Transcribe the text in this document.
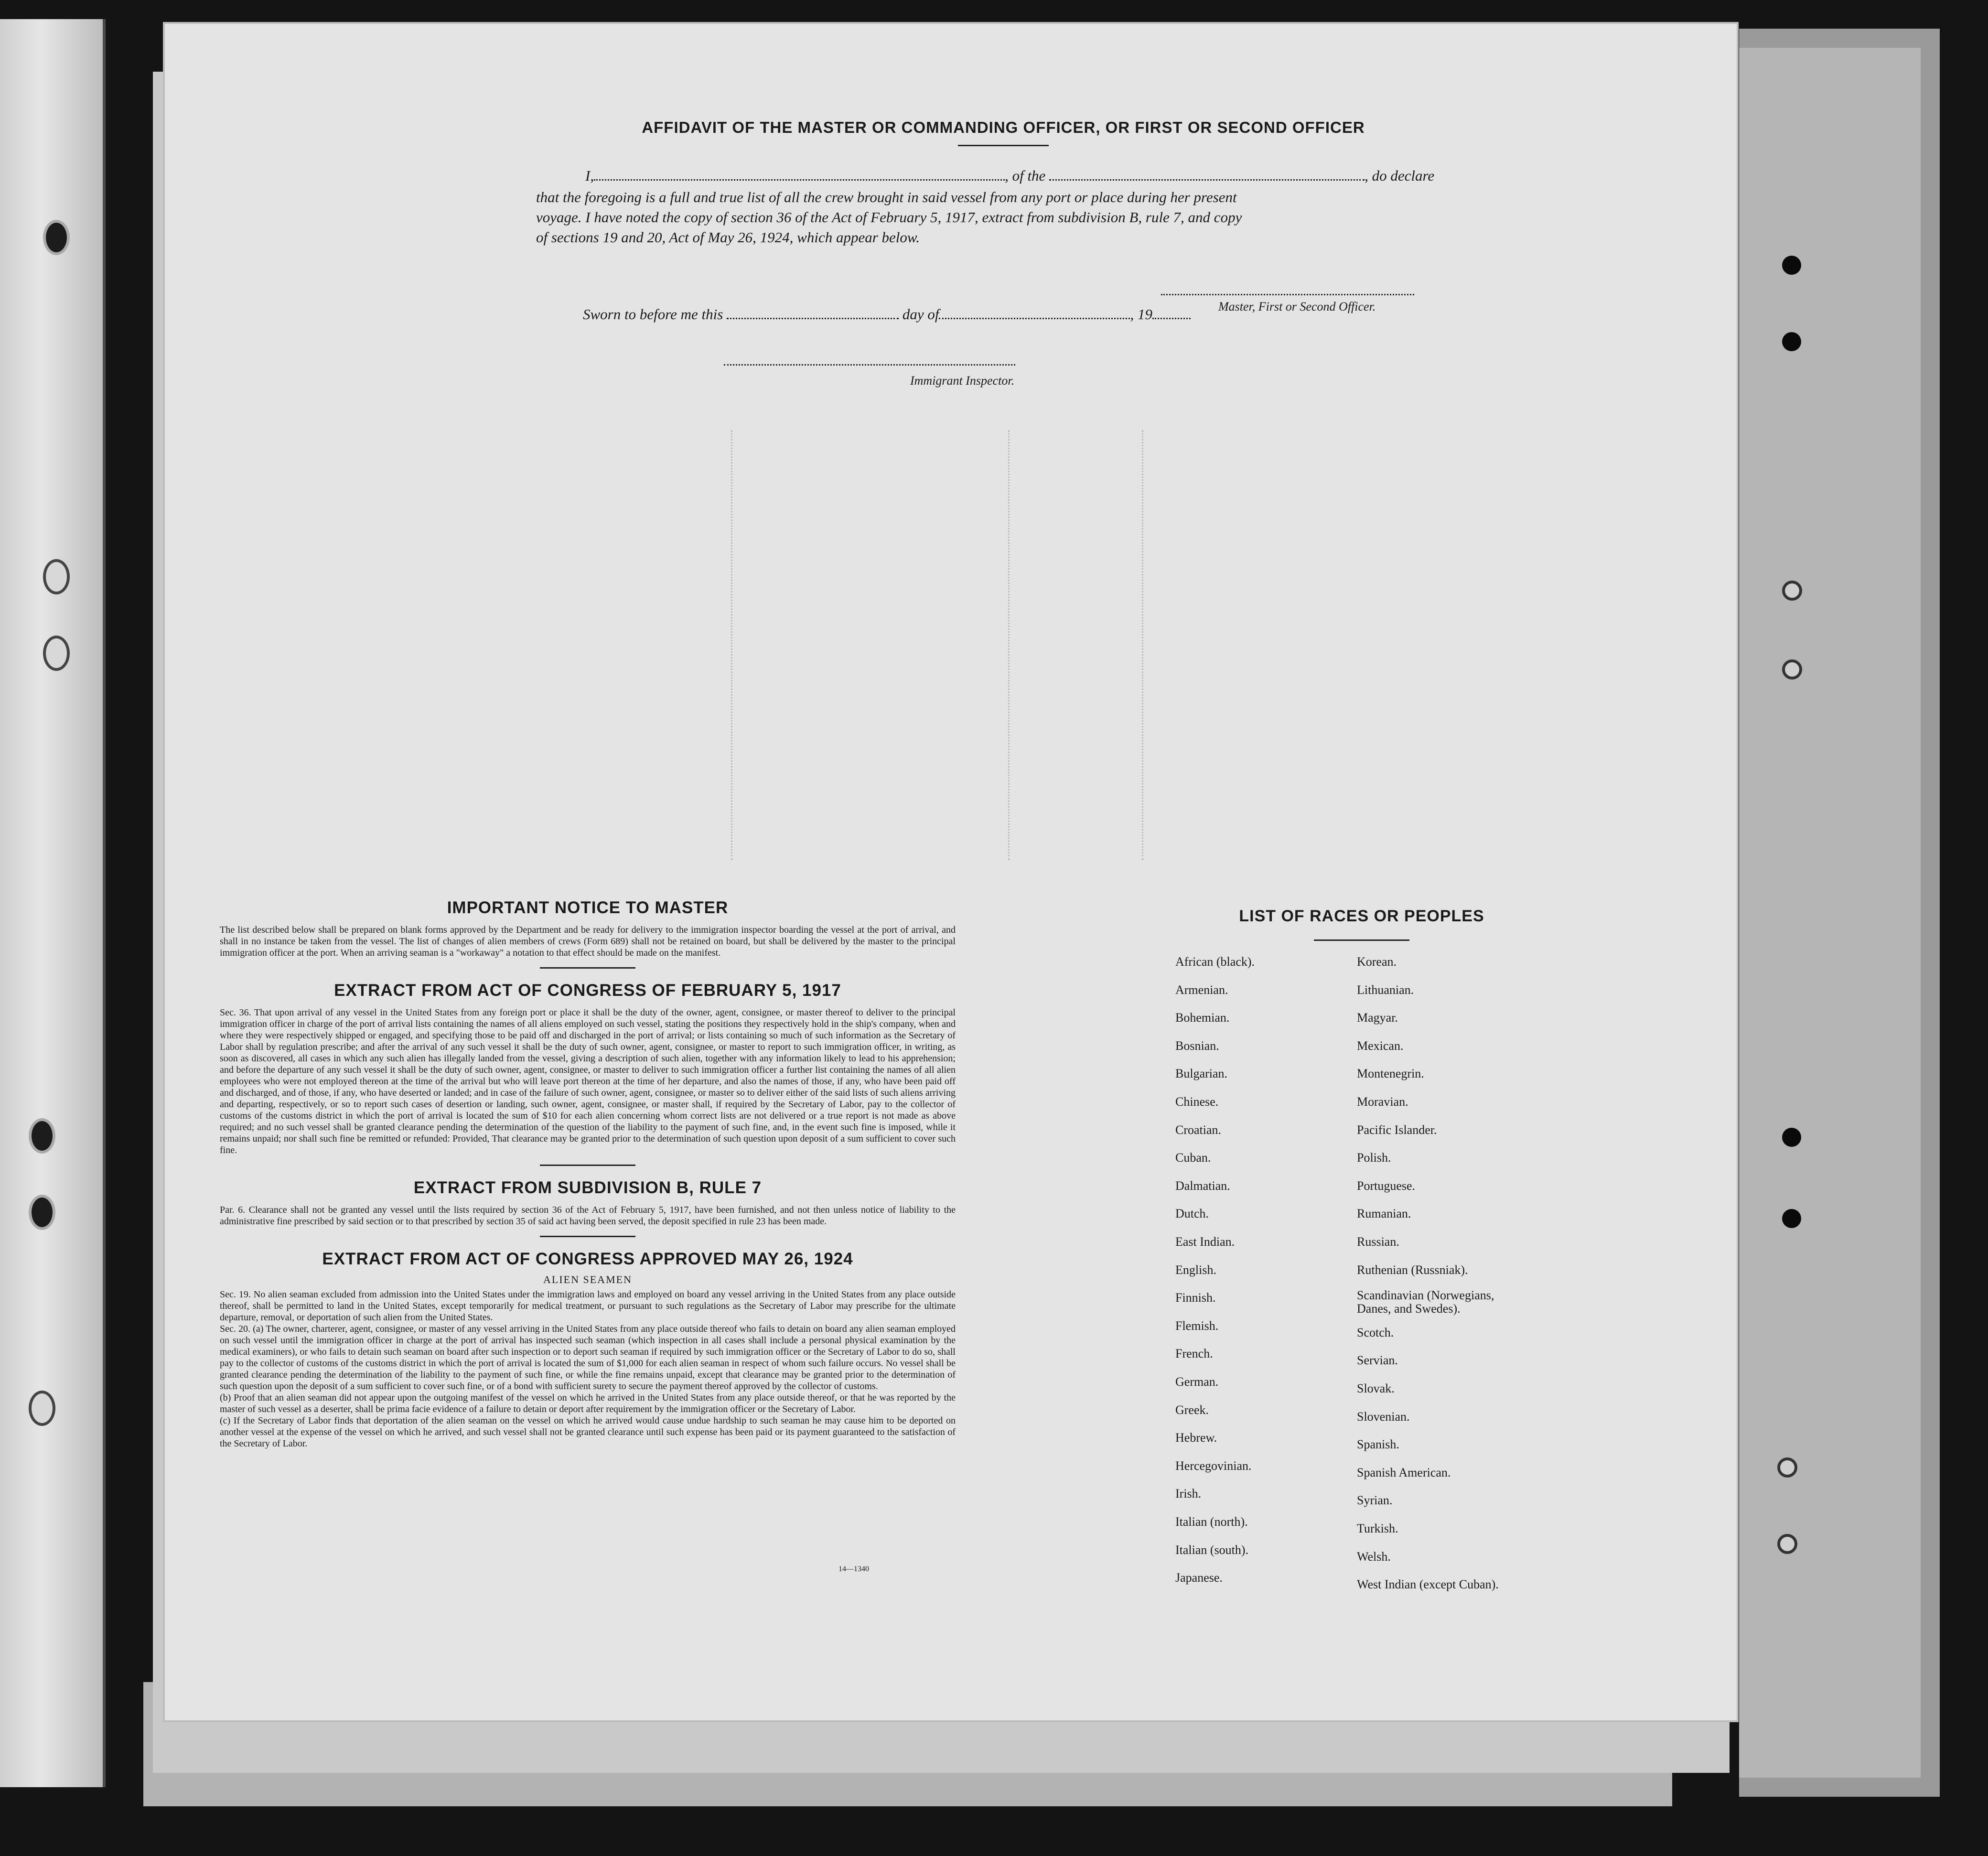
AFFIDAVIT OF THE MASTER OR COMMANDING OFFICER, OR FIRST OR SECOND OFFICER
I,	, of the	, do declare
that the foregoing is a full and true list of all the crew brought in said vessel from any port or place during her present
voyage. I have noted the copy of section 36 of the Act of February 5, 1917, extract from subdivision B, rule 7, and copy
of sections 19 and 20, Act of May 26, 1924, which appear below.
Master, First or Second Officer.
Sworn to before me this	day of	, 19
Immigrant Inspector.
IMPORTANT NOTICE TO MASTER

The list described below shall be prepared on blank forms approved by the Department and be ready for delivery to the immigration inspector boarding the vessel at the port of arrival, and shall in no instance be taken from the vessel. The list of changes of alien members of crews (Form 689) shall not be retained on board, but shall be delivered by the master to the principal immigration officer at the port. When an arriving seaman is a "workaway" a notation to that effect should be made on the manifest.

EXTRACT FROM ACT OF CONGRESS OF FEBRUARY 5, 1917

Sec. 36. That upon arrival of any vessel in the United States from any foreign port or place it shall be the duty of the owner, agent, consignee, or master thereof to deliver to the principal immigration officer in charge of the port of arrival lists containing the names of all aliens employed on such vessel, stating the positions they respectively hold in the ship's company, when and where they were respectively shipped or engaged, and specifying those to be paid off and discharged in the port of arrival; or lists containing so much of such information as the Secretary of Labor shall by regulation prescribe; and after the arrival of any such vessel it shall be the duty of such owner, agent, consignee, or master to report to such immigration officer, in writing, as soon as discovered, all cases in which any such alien has illegally landed from the vessel, giving a description of such alien, together with any information likely to lead to his apprehension; and before the departure of any such vessel it shall be the duty of such owner, agent, consignee, or master to deliver to such immigration officer a further list containing the names of all alien employees who were not employed thereon at the time of the arrival but who will leave port thereon at the time of her departure, and also the names of those, if any, who have been paid off and discharged, and of those, if any, who have deserted or landed; and in case of the failure of such owner, agent, consignee, or master so to deliver either of the said lists of such aliens arriving and departing, respectively, or so to report such cases of desertion or landing, such owner, agent, consignee, or master shall, if required by the Secretary of Labor, pay to the collector of customs of the customs district in which the port of arrival is located the sum of $10 for each alien concerning whom correct lists are not delivered or a true report is not made as above required; and no such vessel shall be granted clearance pending the determination of the question of the liability to the payment of such fine, and, in the event such fine is imposed, while it remains unpaid; nor shall such fine be remitted or refunded: Provided, That clearance may be granted prior to the determination of such question upon deposit of a sum sufficient to cover such fine.

EXTRACT FROM SUBDIVISION B, RULE 7

Par. 6. Clearance shall not be granted any vessel until the lists required by section 36 of the Act of February 5, 1917, have been furnished, and not then unless notice of liability to the administrative fine prescribed by said section or to that prescribed by section 35 of said act having been served, the deposit specified in rule 23 has been made.

EXTRACT FROM ACT OF CONGRESS APPROVED MAY 26, 1924
ALIEN SEAMEN

Sec. 19. No alien seaman excluded from admission into the United States under the immigration laws and employed on board any vessel arriving in the United States from any place outside thereof, shall be permitted to land in the United States, except temporarily for medical treatment, or pursuant to such regulations as the Secretary of Labor may prescribe for the ultimate departure, removal, or deportation of such alien from the United States.

Sec. 20. (a) The owner, charterer, agent, consignee, or master of any vessel arriving in the United States from any place outside thereof who fails to detain on board any alien seaman employed on such vessel until the immigration officer in charge at the port of arrival has inspected such seaman (which inspection in all cases shall include a personal physical examination by the medical examiners), or who fails to detain such seaman on board after such inspection or to deport such seaman if required by such immigration officer or the Secretary of Labor to do so, shall pay to the collector of customs of the customs district in which the port of arrival is located the sum of $1,000 for each alien seaman in respect of whom such failure occurs. No vessel shall be granted clearance pending the determination of the liability to the payment of such fine, or while the fine remains unpaid, except that clearance may be granted prior to the determination of such question upon the deposit of a sum sufficient to cover such fine, or of a bond with sufficient surety to secure the payment thereof approved by the collector of customs.

(b) Proof that an alien seaman did not appear upon the outgoing manifest of the vessel on which he arrived in the United States from any place outside thereof, or that he was reported by the master of such vessel as a deserter, shall be prima facie evidence of a failure to detain or deport after requirement by the immigration officer or the Secretary of Labor.

(c) If the Secretary of Labor finds that deportation of the alien seaman on the vessel on which he arrived would cause undue hardship to such seaman he may cause him to be deported on another vessel at the expense of the vessel on which he arrived, and such vessel shall not be granted clearance until such expense has been paid or its payment guaranteed to the satisfaction of the Secretary of Labor.

14—1340
LIST OF RACES OR PEOPLES
African (black).
Armenian.
Bohemian.
Bosnian.
Bulgarian.
Chinese.
Croatian.
Cuban.
Dalmatian.
Dutch.
East Indian.
English.
Finnish.
Flemish.
French.
German.
Greek.
Hebrew.
Hercegovinian.
Irish.
Italian (north).
Italian (south).
Japanese.
Korean.
Lithuanian.
Magyar.
Mexican.
Montenegrin.
Moravian.
Pacific Islander.
Polish.
Portuguese.
Rumanian.
Russian.
Ruthenian (Russniak).
Scandinavian (Norwegians, Danes, and Swedes).
Scotch.
Servian.
Slovak.
Slovenian.
Spanish.
Spanish American.
Syrian.
Turkish.
Welsh.
West Indian (except Cuban).
